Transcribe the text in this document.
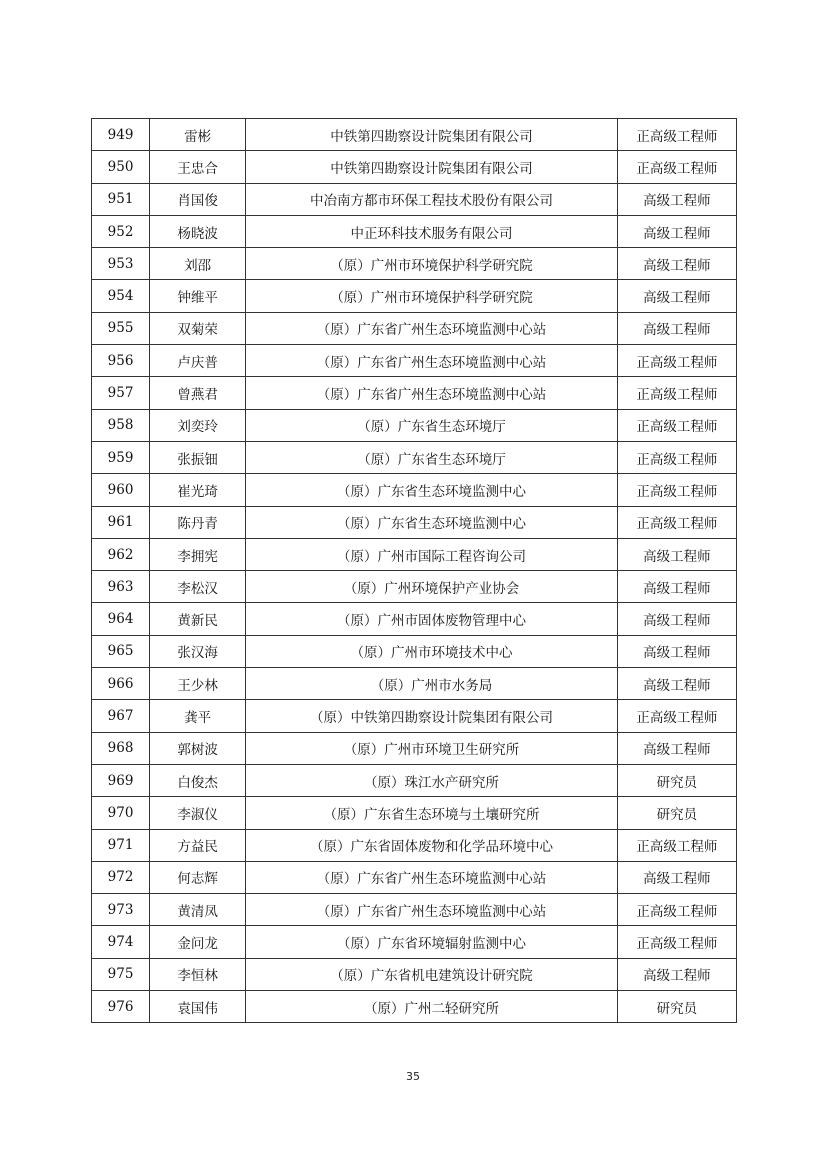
949	雷彬	中铁第四勘察设计院集团有限公司	正高级工程师
950	王忠合	中铁第四勘察设计院集团有限公司	正高级工程师
951	肖国俊	中冶南方都市环保工程技术股份有限公司	高级工程师
952	杨晓波	中正环科技术服务有限公司	高级工程师
953	刘邵	（原）广州市环境保护科学研究院	高级工程师
954	钟维平	（原）广州市环境保护科学研究院	高级工程师
955	双菊荣	（原）广东省广州生态环境监测中心站	高级工程师
956	卢庆普	（原）广东省广州生态环境监测中心站	正高级工程师
957	曾燕君	（原）广东省广州生态环境监测中心站	正高级工程师
958	刘奕玲	（原）广东省生态环境厅	正高级工程师
959	张振钿	（原）广东省生态环境厅	正高级工程师
960	崔光琦	（原）广东省生态环境监测中心	正高级工程师
961	陈丹青	（原）广东省生态环境监测中心	正高级工程师
962	李拥宪	（原）广州市国际工程咨询公司	高级工程师
963	李松汉	（原）广州环境保护产业协会	高级工程师
964	黄新民	（原）广州市固体废物管理中心	高级工程师
965	张汉海	（原）广州市环境技术中心	高级工程师
966	王少林	（原）广州市水务局	高级工程师
967	龚平	（原）中铁第四勘察设计院集团有限公司	正高级工程师
968	郭树波	（原）广州市环境卫生研究所	高级工程师
969	白俊杰	（原）珠江水产研究所	研究员
970	李淑仪	（原）广东省生态环境与土壤研究所	研究员
971	方益民	（原）广东省固体废物和化学品环境中心	正高级工程师
972	何志辉	（原）广东省广州生态环境监测中心站	高级工程师
973	黄清凤	（原）广东省广州生态环境监测中心站	正高级工程师
974	金问龙	（原）广东省环境辐射监测中心	正高级工程师
975	李恒林	（原）广东省机电建筑设计研究院	高级工程师
976	袁国伟	（原）广州二轻研究所	研究员
35
